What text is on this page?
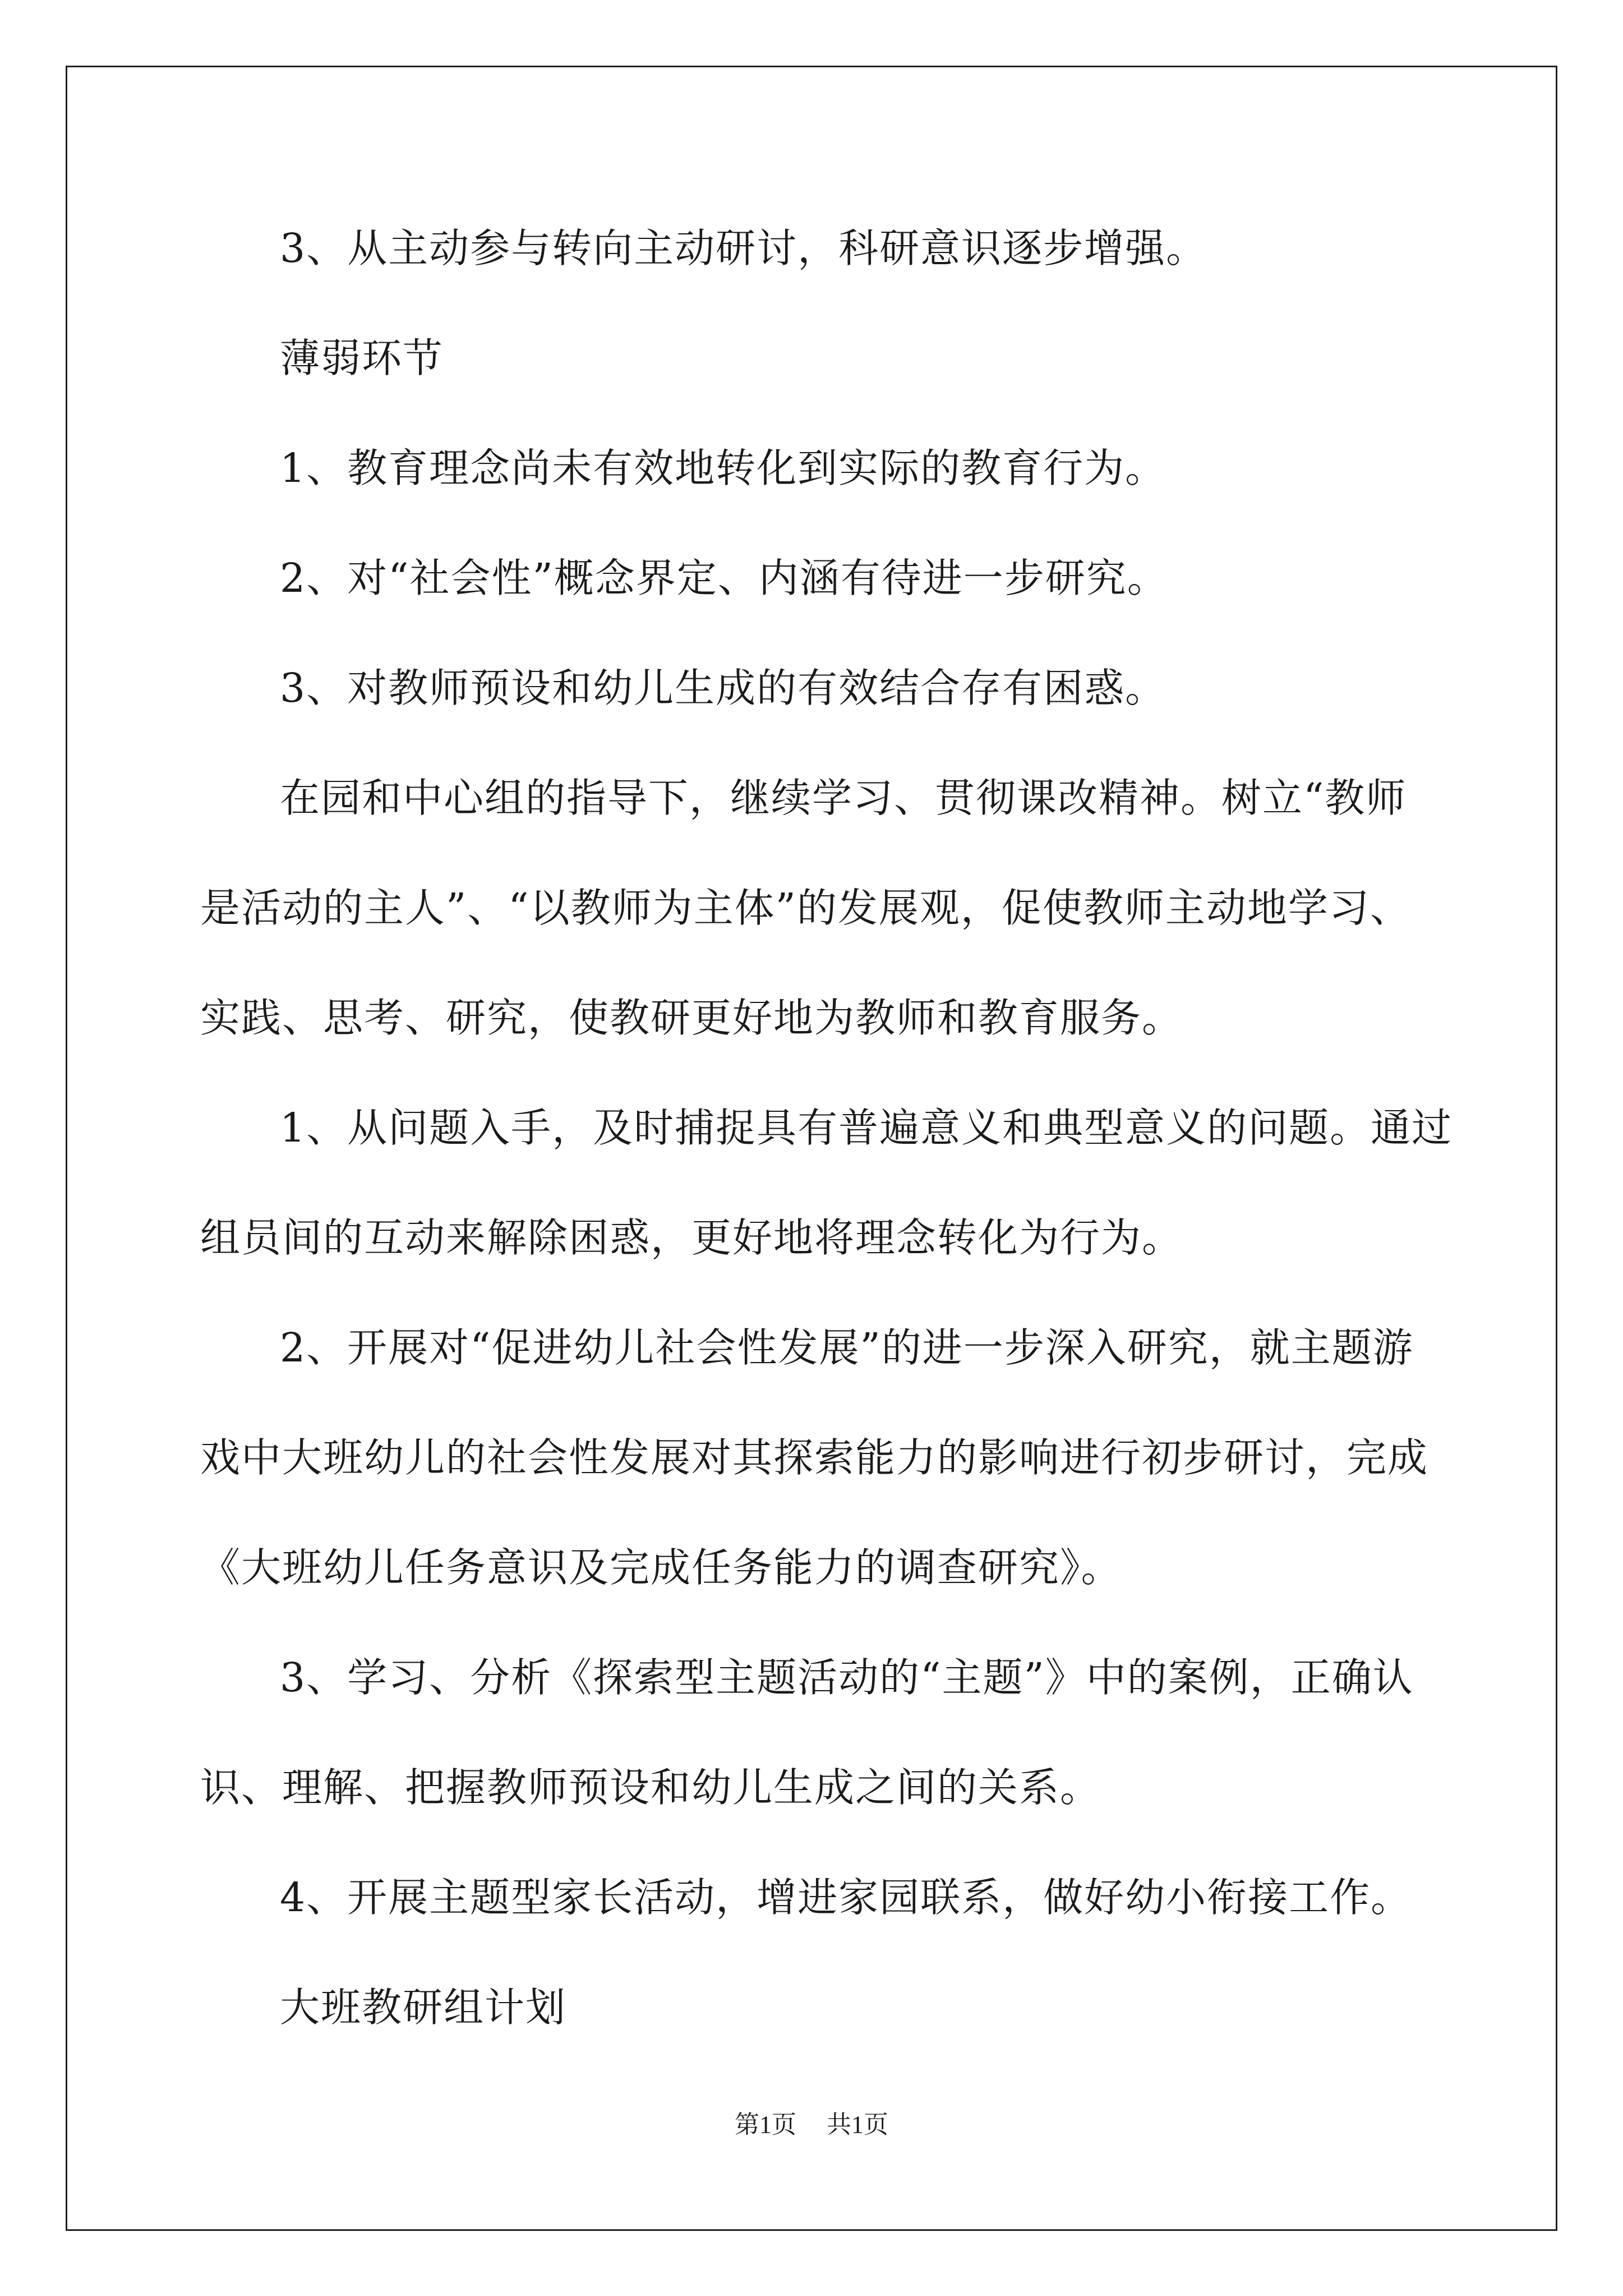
3、从主动参与转向主动研讨，科研意识逐步增强。
薄弱环节
1、教育理念尚未有效地转化到实际的教育行为。
2、对“社会性”概念界定、内涵有待进一步研究。
3、对教师预设和幼儿生成的有效结合存有困惑。
在园和中心组的指导下，继续学习、贯彻课改精神。树立“教师
是活动的主人”、“以教师为主体”的发展观，促使教师主动地学习、
实践、思考、研究，使教研更好地为教师和教育服务。
1、从问题入手，及时捕捉具有普遍意义和典型意义的问题。通过
组员间的互动来解除困惑，更好地将理念转化为行为。
2、开展对“促进幼儿社会性发展”的进一步深入研究，就主题游
戏中大班幼儿的社会性发展对其探索能力的影响进行初步研讨，完成
《大班幼儿任务意识及完成任务能力的调查研究》。
3、学习、分析《探索型主题活动的“主题”》中的案例，正确认
识、理解、把握教师预设和幼儿生成之间的关系。
4、开展主题型家长活动，增进家园联系，做好幼小衔接工作。
大班教研组计划
第1页 共1页
